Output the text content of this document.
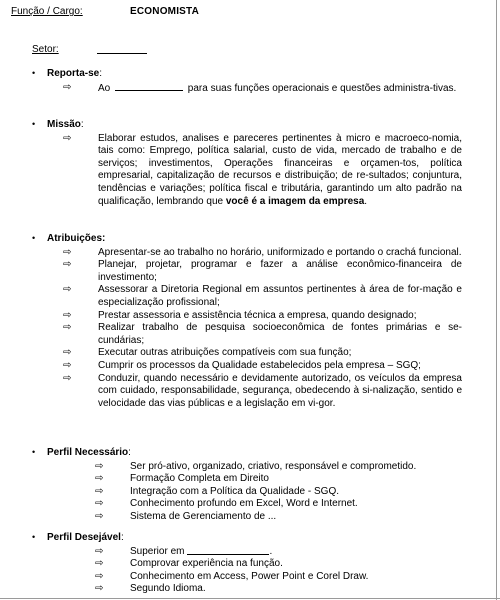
Função / Cargo:	ECONOMISTA
Setor:
•	Reporta-se :
⇨	Ao	para suas funções operacionais e questões administra-tivas.
•	Missão :
⇨	Elaborar estudos, analises e pareceres pertinentes à micro e macroeco-nomia, tais como: Emprego, política salarial, custo de vida, mercado de trabalho e de serviços; investimentos, Operações financeiras e orçamen-tos, política empresarial, capitalização de recursos e distribuição; de re-sultados; conjuntura, tendências e variações; política fiscal e tributária, garantindo um alto padrão na qualificação, lembrando que você é a imagem da empresa.
•	Atribuições:
⇨	Apresentar-se ao trabalho no horário, uniformizado e portando o crachá funcional.
⇨	Planejar, projetar, programar e fazer a análise econômico-financeira de investimento;
⇨	Assessorar a Diretoria Regional em assuntos pertinentes à área de for-mação e especialização profissional;
⇨	Prestar assessoria e assistência técnica a empresa, quando designado;
⇨	Realizar trabalho de pesquisa socioeconômica de fontes primárias e se-cundárias;
⇨	Executar outras atribuições compatíveis com sua função;
⇨	Cumprir os processos da Qualidade estabelecidos pela empresa – SGQ;
⇨	Conduzir, quando necessário e devidamente autorizado, os veículos da empresa com cuidado, responsabilidade, segurança, obedecendo à si-nalização, sentido e velocidade das vias públicas e a legislação em vi-gor.
•	Perfil Necessário :
⇨	Ser pró-ativo, organizado, criativo, responsável e comprometido.
⇨	Formação Completa em Direito
⇨	Integração com a Política da Qualidade - SGQ.
⇨	Conhecimento profundo em Excel, Word e Internet.
⇨	Sistema de Gerenciamento de ...
•	Perfil Desejável :
⇨	Superior em	.
⇨	Comprovar experiência na função.
⇨	Conhecimento em Access, Power Point e Corel Draw.
⇨	Segundo Idioma.
